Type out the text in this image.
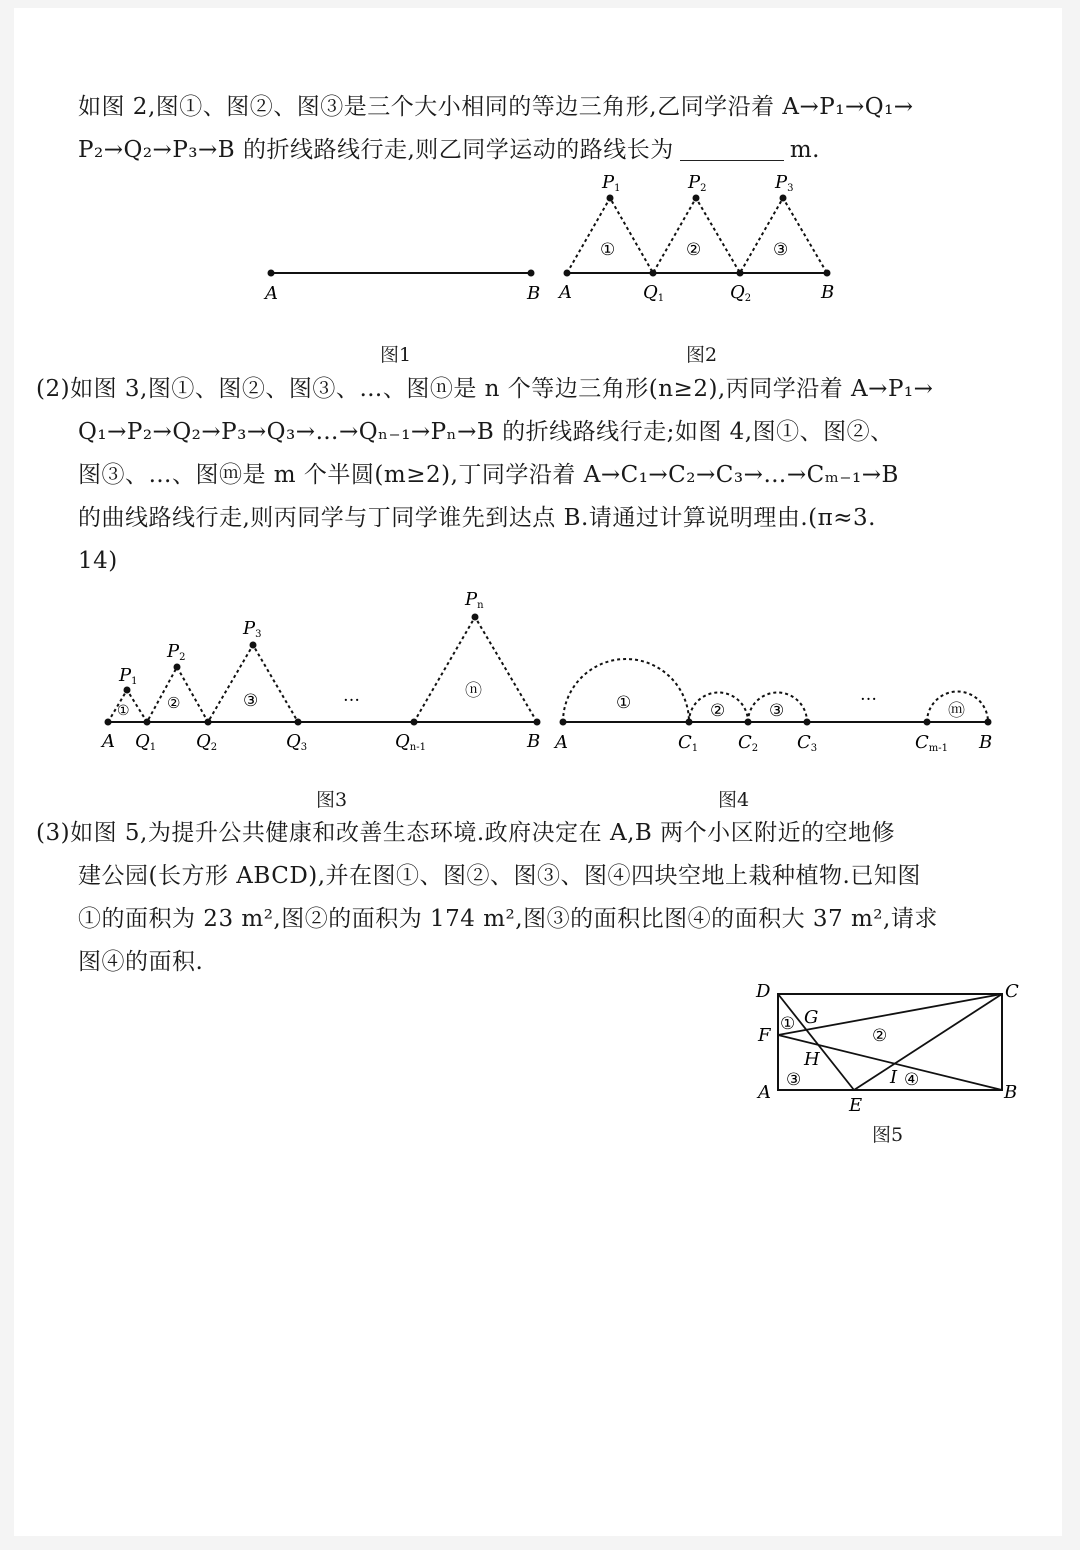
如图 2,图①、图②、图③是三个大小相同的等边三角形,乙同学沿着 A→P₁→Q₁→
P₂→Q₂→P₃→B 的折线路线行走,则乙同学运动的路线长为	m.
A	B
图1
P1	P2	P3
A	Q1	Q2	B
①	②	③
图2
(2)如图 3,图①、图②、图③、…、图ⓝ是 n 个等边三角形(n≥2),丙同学沿着 A→P₁→
Q₁→P₂→Q₂→P₃→Q₃→…→Qₙ₋₁→Pₙ→B 的折线路线行走;如图 4,图①、图②、
图③、…、图ⓜ是 m 个半圆(m≥2),丁同学沿着 A→C₁→C₂→C₃→…→Cₘ₋₁→B
的曲线路线行走,则丙同学与丁同学谁先到达点 B.请通过计算说明理由.(π≈3.
14)
P1
P2
P3
Pn
A Q1 Q2	Q3	Qn-1	B
① ②	③	ⓝ
…
图3
A	C1 C2 C3	Cm-1 B
①	②	③	ⓜ
…
图4
(3)如图 5,为提升公共健康和改善生态环境.政府决定在 A,B 两个小区附近的空地修
建公园(长方形 ABCD),并在图①、图②、图③、图④四块空地上栽种植物.已知图
①的面积为 23 m²,图②的面积为 174 m²,图③的面积比图④的面积大 37 m²,请求
图④的面积.
D	C
F
A	B
E
G
H
I
①
②
③	④
图5
